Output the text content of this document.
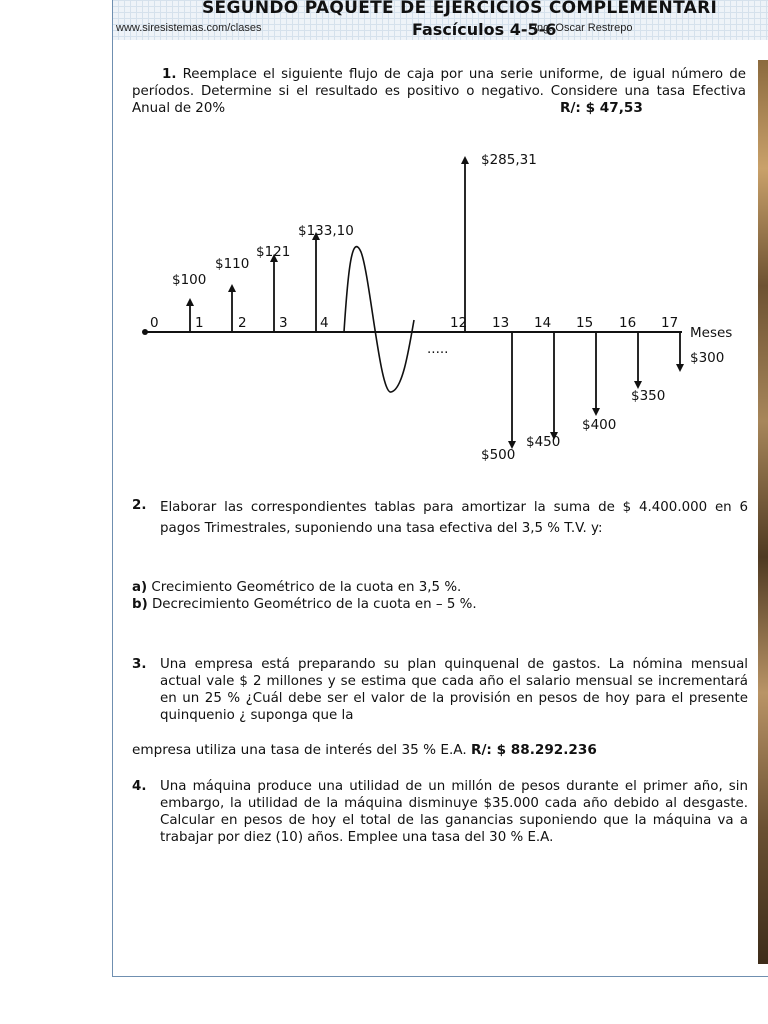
SEGUNDO PAQUETE DE EJERCICIOS COMPLEMENTARI
www.siresistemas.com/clases	Fascículos 4-5-6
Ing. Oscar Restrepo

1. Reemplace el siguiente flujo de caja por una serie uniforme, de igual número de períodos. Determine si el resultado es positivo o negativo. Considere una tasa Efectiva Anual de 20%	R/: $ 47,53
.....
Meses
0	1	2 3 4	12 13 14 15 16 17
$100
$110
$121
$133,10
$285,31
$500
$450
$400
$350
$300
2. Elaborar las correspondientes tablas para amortizar la suma de $ 4.400.000 en 6 pagos Trimestrales, suponiendo una tasa efectiva del 3,5 % T.V. y:
a) Crecimiento Geométrico de la cuota en 3,5 %.
b) Decrecimiento Geométrico de la cuota en – 5 %.
3. Una empresa está preparando su plan quinquenal de gastos. La nómina mensual actual vale $ 2 millones y se estima que cada año el salario mensual se incrementará en un 25 % ¿Cuál debe ser el valor de la provisión en pesos de hoy para el presente quinquenio ¿ suponga que la
empresa utiliza una tasa de interés del 35 % E.A. R/: $ 88.292.236
4. Una máquina produce una utilidad de un millón de pesos durante el primer año, sin embargo, la utilidad de la máquina disminuye $35.000 cada año debido al desgaste. Calcular en pesos de hoy el total de las ganancias suponiendo que la máquina va a trabajar por diez (10) años. Emplee una tasa del 30 % E.A.
